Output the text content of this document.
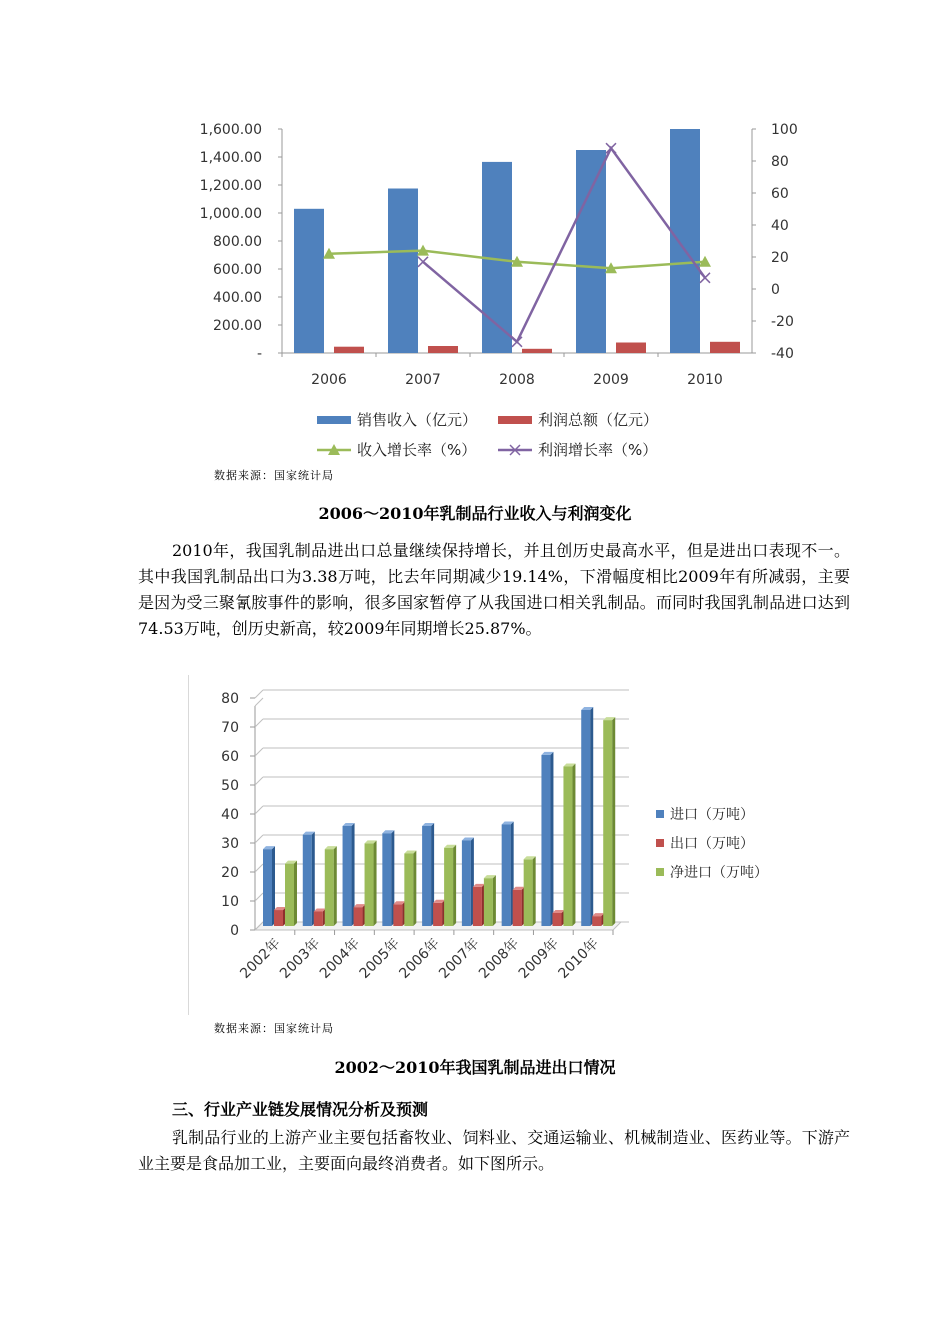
-
200.00
400.00
600.00
800.00
1,000.00
1,200.00
1,400.00
1,600.00
-40
-20
0
20
40
60
80
100
2006	2007	2008	2009	2010
销售收入（亿元）	利润总额（亿元）
收入增长率（%）	利润增长率（%）
数据来源：国家统计局
2006～2010年乳制品行业收入与利润变化
2010年，我国乳制品进出口总量继续保持增长，并且创历史最高水平，但是进出口表现不一。其中我国乳制品出口为3.38万吨，比去年同期减少19.14%，下滑幅度相比2009年有所减弱，主要是因为受三聚氰胺事件的影响，很多国家暂停了从我国进口相关乳制品。而同时我国乳制品进口达到74.53万吨，创历史新高，较2009年同期增长25.87%。
0
10
20
30
40
50
60
70
80
2002年
2003年
2004年
2005年
2006年
2007年
2008年
2009年
2010年
进口（万吨）
出口（万吨）
净进口（万吨）
数据来源：国家统计局
2002～2010年我国乳制品进出口情况
三、行业产业链发展情况分析及预测
乳制品行业的上游产业主要包括畜牧业、饲料业、交通运输业、机械制造业、医药业等。下游产业主要是食品加工业，主要面向最终消费者。如下图所示。
